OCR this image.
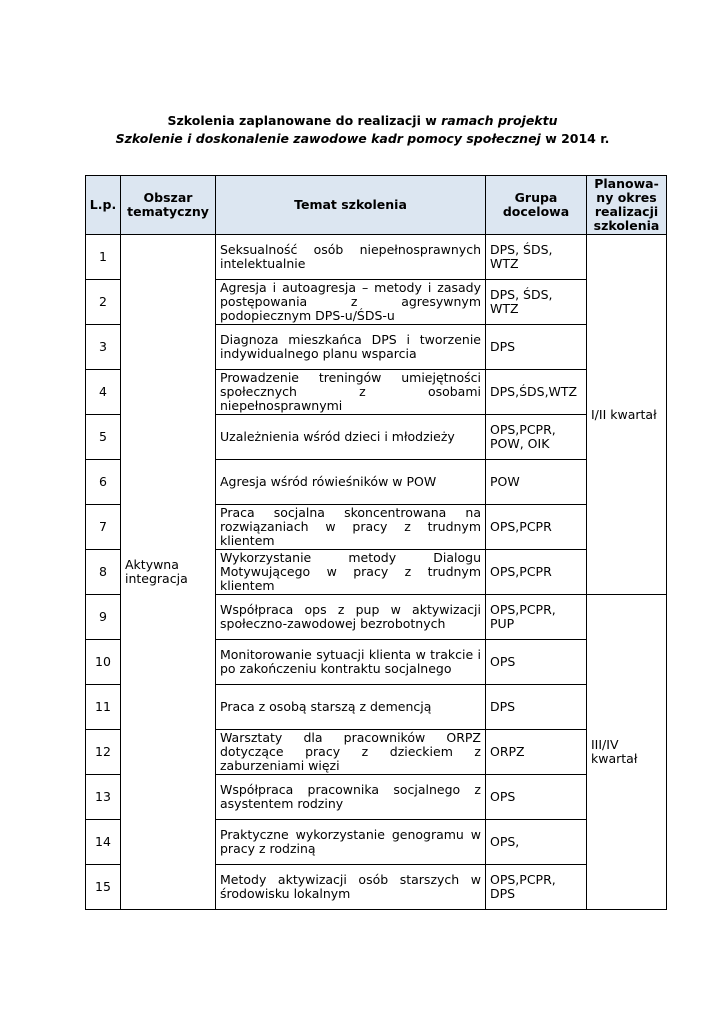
Szkolenia zaplanowane do realizacji w ramach projektu
Szkolenie i doskonalenie zawodowe kadr pomocy społecznej w 2014 r.
L.p.	Obszar tematyczny	Temat szkolenia	Grupa docelowa	Planowa-ny okres realizacji szkolenia
1	Aktywna integracja	Seksualność osób niepełnosprawnych intelektualnie	DPS, ŚDS, WTZ	I/II kwartał
2		Agresja i autoagresja – metody i zasady postępowania z agresywnym podopiecznym DPS-u/ŚDS-u	DPS, ŚDS, WTZ	
3		Diagnoza mieszkańca DPS i tworzenie indywidualnego planu wsparcia	DPS	
4		Prowadzenie treningów umiejętności społecznych z osobami niepełnosprawnymi	DPS,ŚDS,WTZ	
5		Uzależnienia wśród dzieci i młodzieży	OPS,PCPR, POW, OIK	
6		Agresja wśród rówieśników w POW	POW	
7		Praca socjalna skoncentrowana na rozwiązaniach w pracy z trudnym klientem	OPS,PCPR	
8		Wykorzystanie metody Dialogu Motywującego w pracy z trudnym klientem	OPS,PCPR	
9		Współpraca ops z pup w aktywizacji społeczno-zawodowej bezrobotnych	OPS,PCPR, PUP	III/IV kwartał
10		Monitorowanie sytuacji klienta w trakcie i po zakończeniu kontraktu socjalnego	OPS	
11		Praca z osobą starszą z demencją	DPS	
12		Warsztaty dla pracowników ORPZ dotyczące pracy z dzieckiem z zaburzeniami więzi	ORPZ	
13		Współpraca pracownika socjalnego z asystentem rodziny	OPS	
14		Praktyczne wykorzystanie genogramu w pracy z rodziną	OPS,	
15		Metody aktywizacji osób starszych w środowisku lokalnym	OPS,PCPR, DPS	
